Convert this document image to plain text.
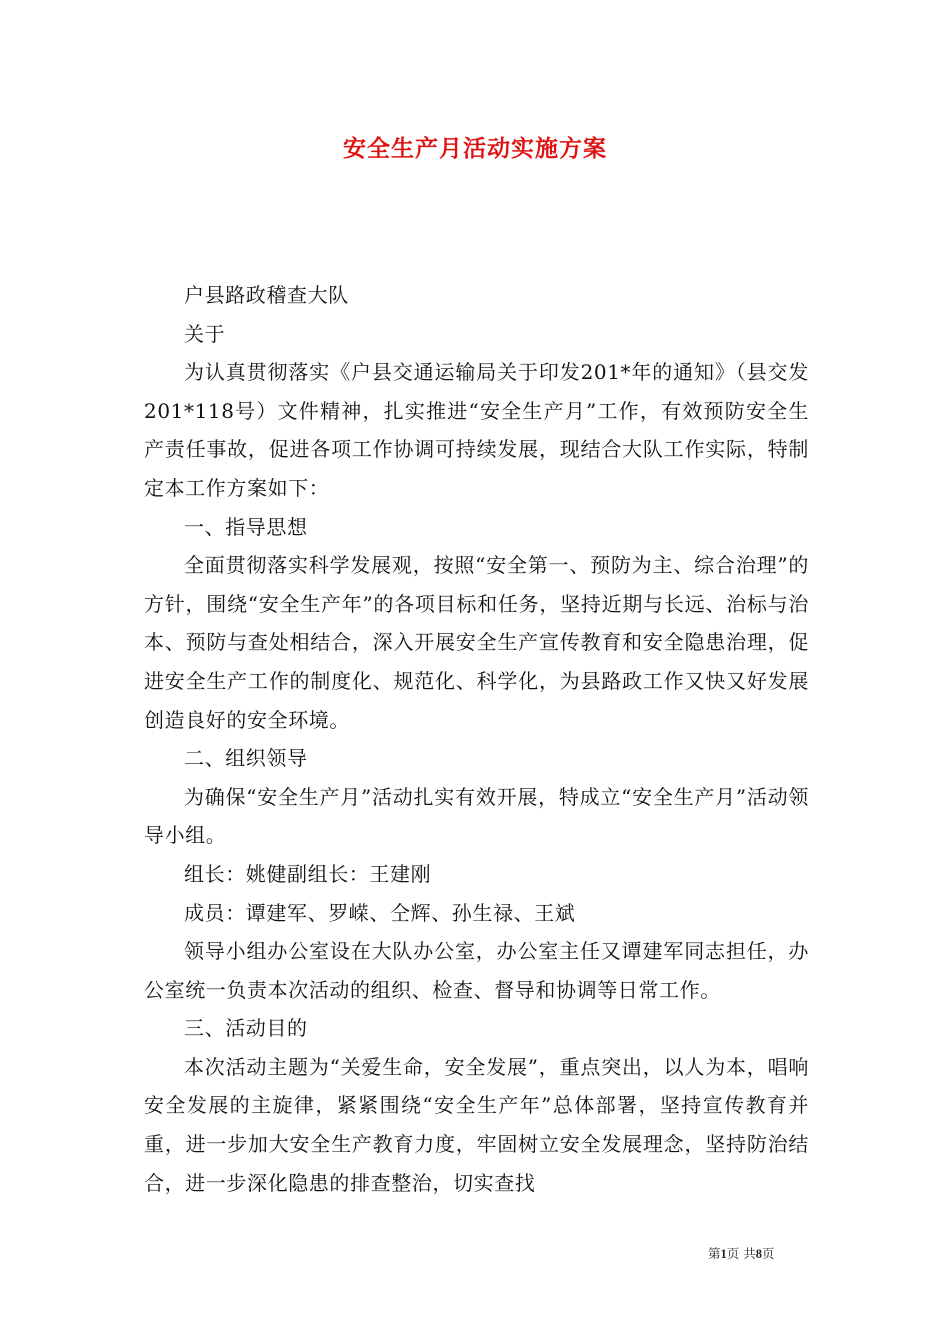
安全生产月活动实施方案

户县路政稽查大队

关于

为认真贯彻落实《户县交通运输局关于印发201*年的通知》（县交发201*118号）文件精神，扎实推进“安全生产月”工作，有效预防安全生产责任事故，促进各项工作协调可持续发展，现结合大队工作实际，特制定本工作方案如下：

一、指导思想

全面贯彻落实科学发展观，按照“安全第一、预防为主、综合治理”的方针，围绕“安全生产年”的各项目标和任务，坚持近期与长远、治标与治本、预防与查处相结合，深入开展安全生产宣传教育和安全隐患治理，促进安全生产工作的制度化、规范化、科学化，为县路政工作又快又好发展创造良好的安全环境。

二、组织领导

为确保“安全生产月”活动扎实有效开展，特成立“安全生产月”活动领导小组。

组长：姚健副组长：王建刚

成员：谭建军、罗嵘、仝辉、孙生禄、王斌

领导小组办公室设在大队办公室，办公室主任又谭建军同志担任，办公室统一负责本次活动的组织、检查、督导和协调等日常工作。

三、活动目的

本次活动主题为“关爱生命，安全发展”，重点突出，以人为本，唱响安全发展的主旋律，紧紧围绕“安全生产年”总体部署，坚持宣传教育并重，进一步加大安全生产教育力度，牢固树立安全发展理念，坚持防治结合，进一步深化隐患的排查整治，切实查找

第1页 共8页
